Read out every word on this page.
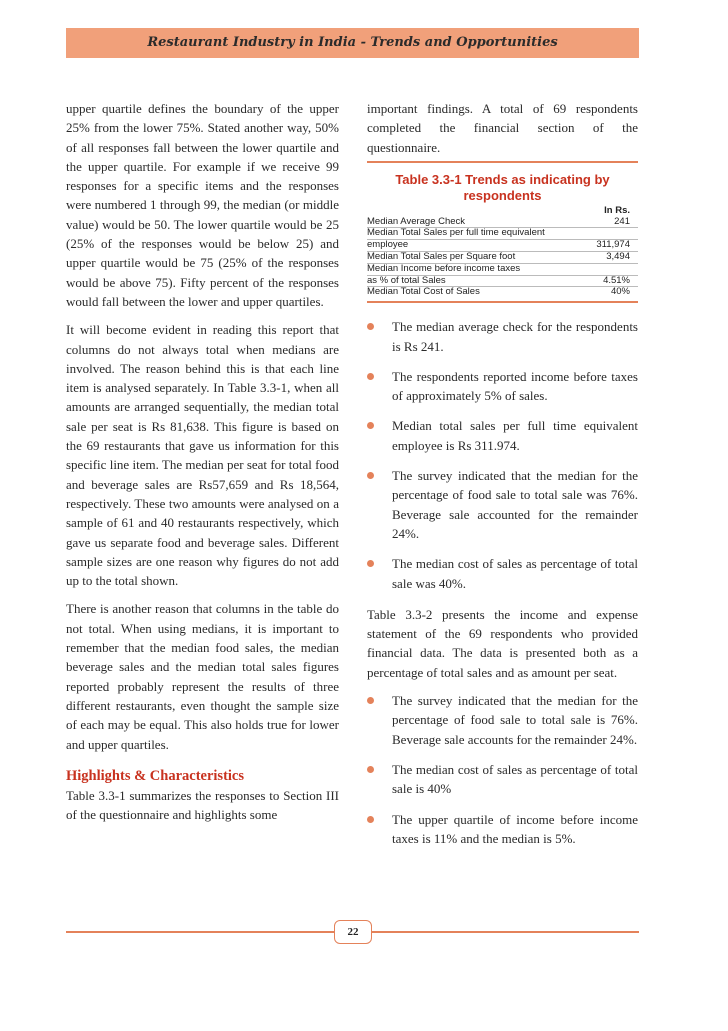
Restaurant Industry in India - Trends and Opportunities

upper quartile defines the boundary of the upper 25% from the lower 75%. Stated another way, 50% of all responses fall between the lower quartile and the upper quartile. For example if we receive 99 responses for a specific items and the responses were numbered 1 through 99, the median (or middle value) would be 50. The lower quartile would be 25 (25% of the responses would be below 25) and upper quartile would be 75 (25% of the responses would be above 75). Fifty percent of the responses would fall between the lower and upper quartiles.

It will become evident in reading this report that columns do not always total when medians are involved. The reason behind this is that each line item is analysed separately. In Table 3.3-1, when all amounts are arranged sequentially, the median total sale per seat is Rs 81,638. This figure is based on the 69 restaurants that gave us information for this specific line item. The median per seat for total food and beverage sales are Rs57,659 and Rs 18,564, respectively. These two amounts were analysed on a sample of 61 and 40 restaurants respectively, which gave us separate food and beverage sales. Different sample sizes are one reason why figures do not add up to the total shown.

There is another reason that columns in the table do not total. When using medians, it is important to remember that the median food sales, the median beverage sales and the median total sales figures reported probably represent the results of three different restaurants, even thought the sample size of each may be equal. This also holds true for lower and upper quartiles.

Highlights & Characteristics

Table 3.3-1 summarizes the responses to Section III of the questionnaire and highlights some

important findings. A total of 69 respondents completed the financial section of the questionnaire.

Table 3.3-1 Trends as indicating by respondents
In Rs.
Median Average Check	241
Median Total Sales per full time equivalent
employee	311,974
Median Total Sales per Square foot	3,494
Median Income before income taxes
as % of total Sales	4.51%
Median Total Cost of Sales	40%
The median average check for the respondents is Rs 241.
The respondents reported income before taxes of approximately 5% of sales.
Median total sales per full time equivalent employee is Rs 311.974.
The survey indicated that the median for the percentage of food sale to total sale was 76%. Beverage sale accounted for the remainder 24%.
The median cost of sales as percentage of total sale was 40%.

Table 3.3-2 presents the income and expense statement of the 69 respondents who provided financial data. The data is presented both as a percentage of total sales and as amount per seat.

The survey indicated that the median for the percentage of food sale to total sale is 76%. Beverage sale accounts for the remainder 24%.
The median cost of sales as percentage of total sale is 40%
The upper quartile of income before income taxes is 11% and the median is 5%.
22
